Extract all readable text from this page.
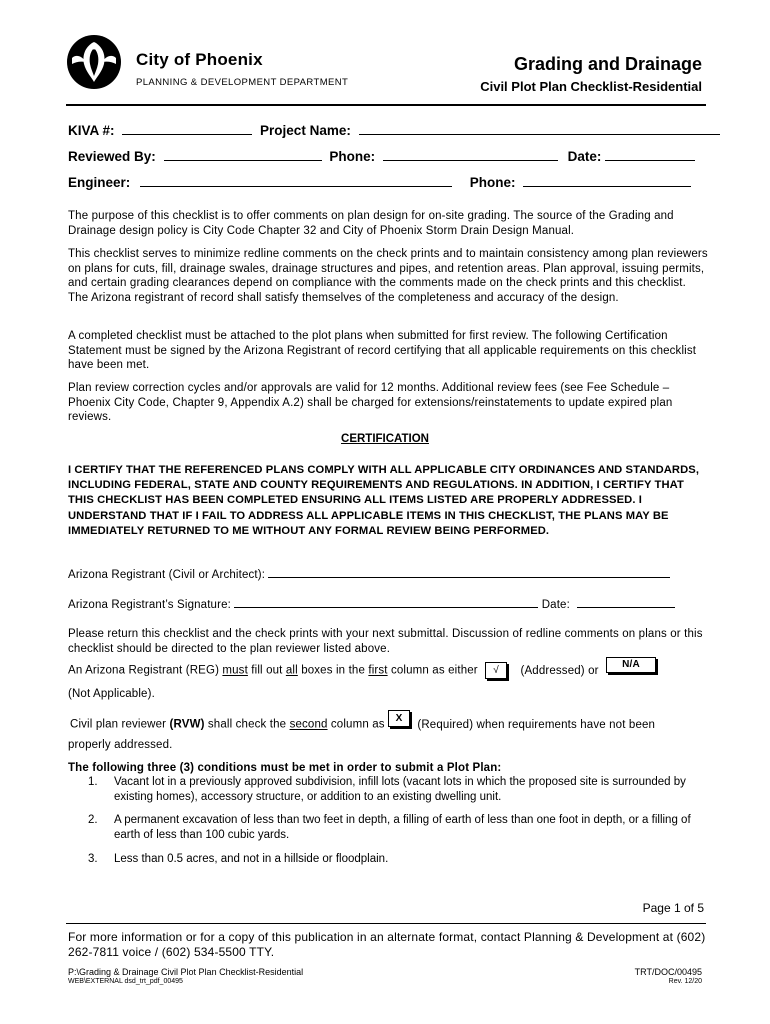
City of Phoenix
PLANNING & DEVELOPMENT DEPARTMENT
Grading and Drainage
Civil Plot Plan Checklist-Residential
KIVA #:	Project Name:
Reviewed By:	Phone:	Date:
Engineer:	Phone:
The purpose of this checklist is to offer comments on plan design for on-site grading. The source of the Grading and Drainage design policy is City Code Chapter 32 and City of Phoenix Storm Drain Design Manual.
This checklist serves to minimize redline comments on the check prints and to maintain consistency among plan reviewers on plans for cuts, fill, drainage swales, drainage structures and pipes, and retention areas. Plan approval, issuing permits, and certain grading clearances depend on compliance with the comments made on the check prints and this checklist. The Arizona registrant of record shall satisfy themselves of the completeness and accuracy of the design.
A completed checklist must be attached to the plot plans when submitted for first review. The following Certification Statement must be signed by the Arizona Registrant of record certifying that all applicable requirements on this checklist have been met.
Plan review correction cycles and/or approvals are valid for 12 months. Additional review fees (see Fee Schedule – Phoenix City Code, Chapter 9, Appendix A.2) shall be charged for extensions/reinstatements to update expired plan reviews.
CERTIFICATION
I CERTIFY THAT THE REFERENCED PLANS COMPLY WITH ALL APPLICABLE CITY ORDINANCES AND STANDARDS, INCLUDING FEDERAL, STATE AND COUNTY REQUIREMENTS AND REGULATIONS. IN ADDITION, I CERTIFY THAT THIS CHECKLIST HAS BEEN COMPLETED ENSURING ALL ITEMS LISTED ARE PROPERLY ADDRESSED. I UNDERSTAND THAT IF I FAIL TO ADDRESS ALL APPLICABLE ITEMS IN THIS CHECKLIST, THE PLANS MAY BE IMMEDIATELY RETURNED TO ME WITHOUT ANY FORMAL REVIEW BEING PERFORMED.
Arizona Registrant (Civil or Architect):
Arizona Registrant’s Signature:	Date:
Please return this checklist and the check prints with your next submittal. Discussion of redline comments on plans or this checklist should be directed to the plan reviewer listed above.
An Arizona Registrant (REG) must fill out all boxes in the first column as either √ (Addressed) or N/A
(Not Applicable).
Civil plan reviewer (RVW) shall check the second column as X (Required) when requirements have not been
properly addressed.
The following three (3) conditions must be met in order to submit a Plot Plan:
1.	Vacant lot in a previously approved subdivision, infill lots (vacant lots in which the proposed site is surrounded by existing homes), accessory structure, or addition to an existing dwelling unit.
2.	A permanent excavation of less than two feet in depth, a filling of earth of less than one foot in depth, or a filling of earth of less than 100 cubic yards.
3.	Less than 0.5 acres, and not in a hillside or floodplain.
Page 1 of 5
For more information or for a copy of this publication in an alternate format, contact Planning & Development at (602) 262-7811 voice / (602) 534-5500 TTY.
P:\Grading & Drainage Civil Plot Plan Checklist-Residential
WEB\EXTERNAL dsd_trt_pdf_00495
TRT/DOC/00495
Rev. 12/20
